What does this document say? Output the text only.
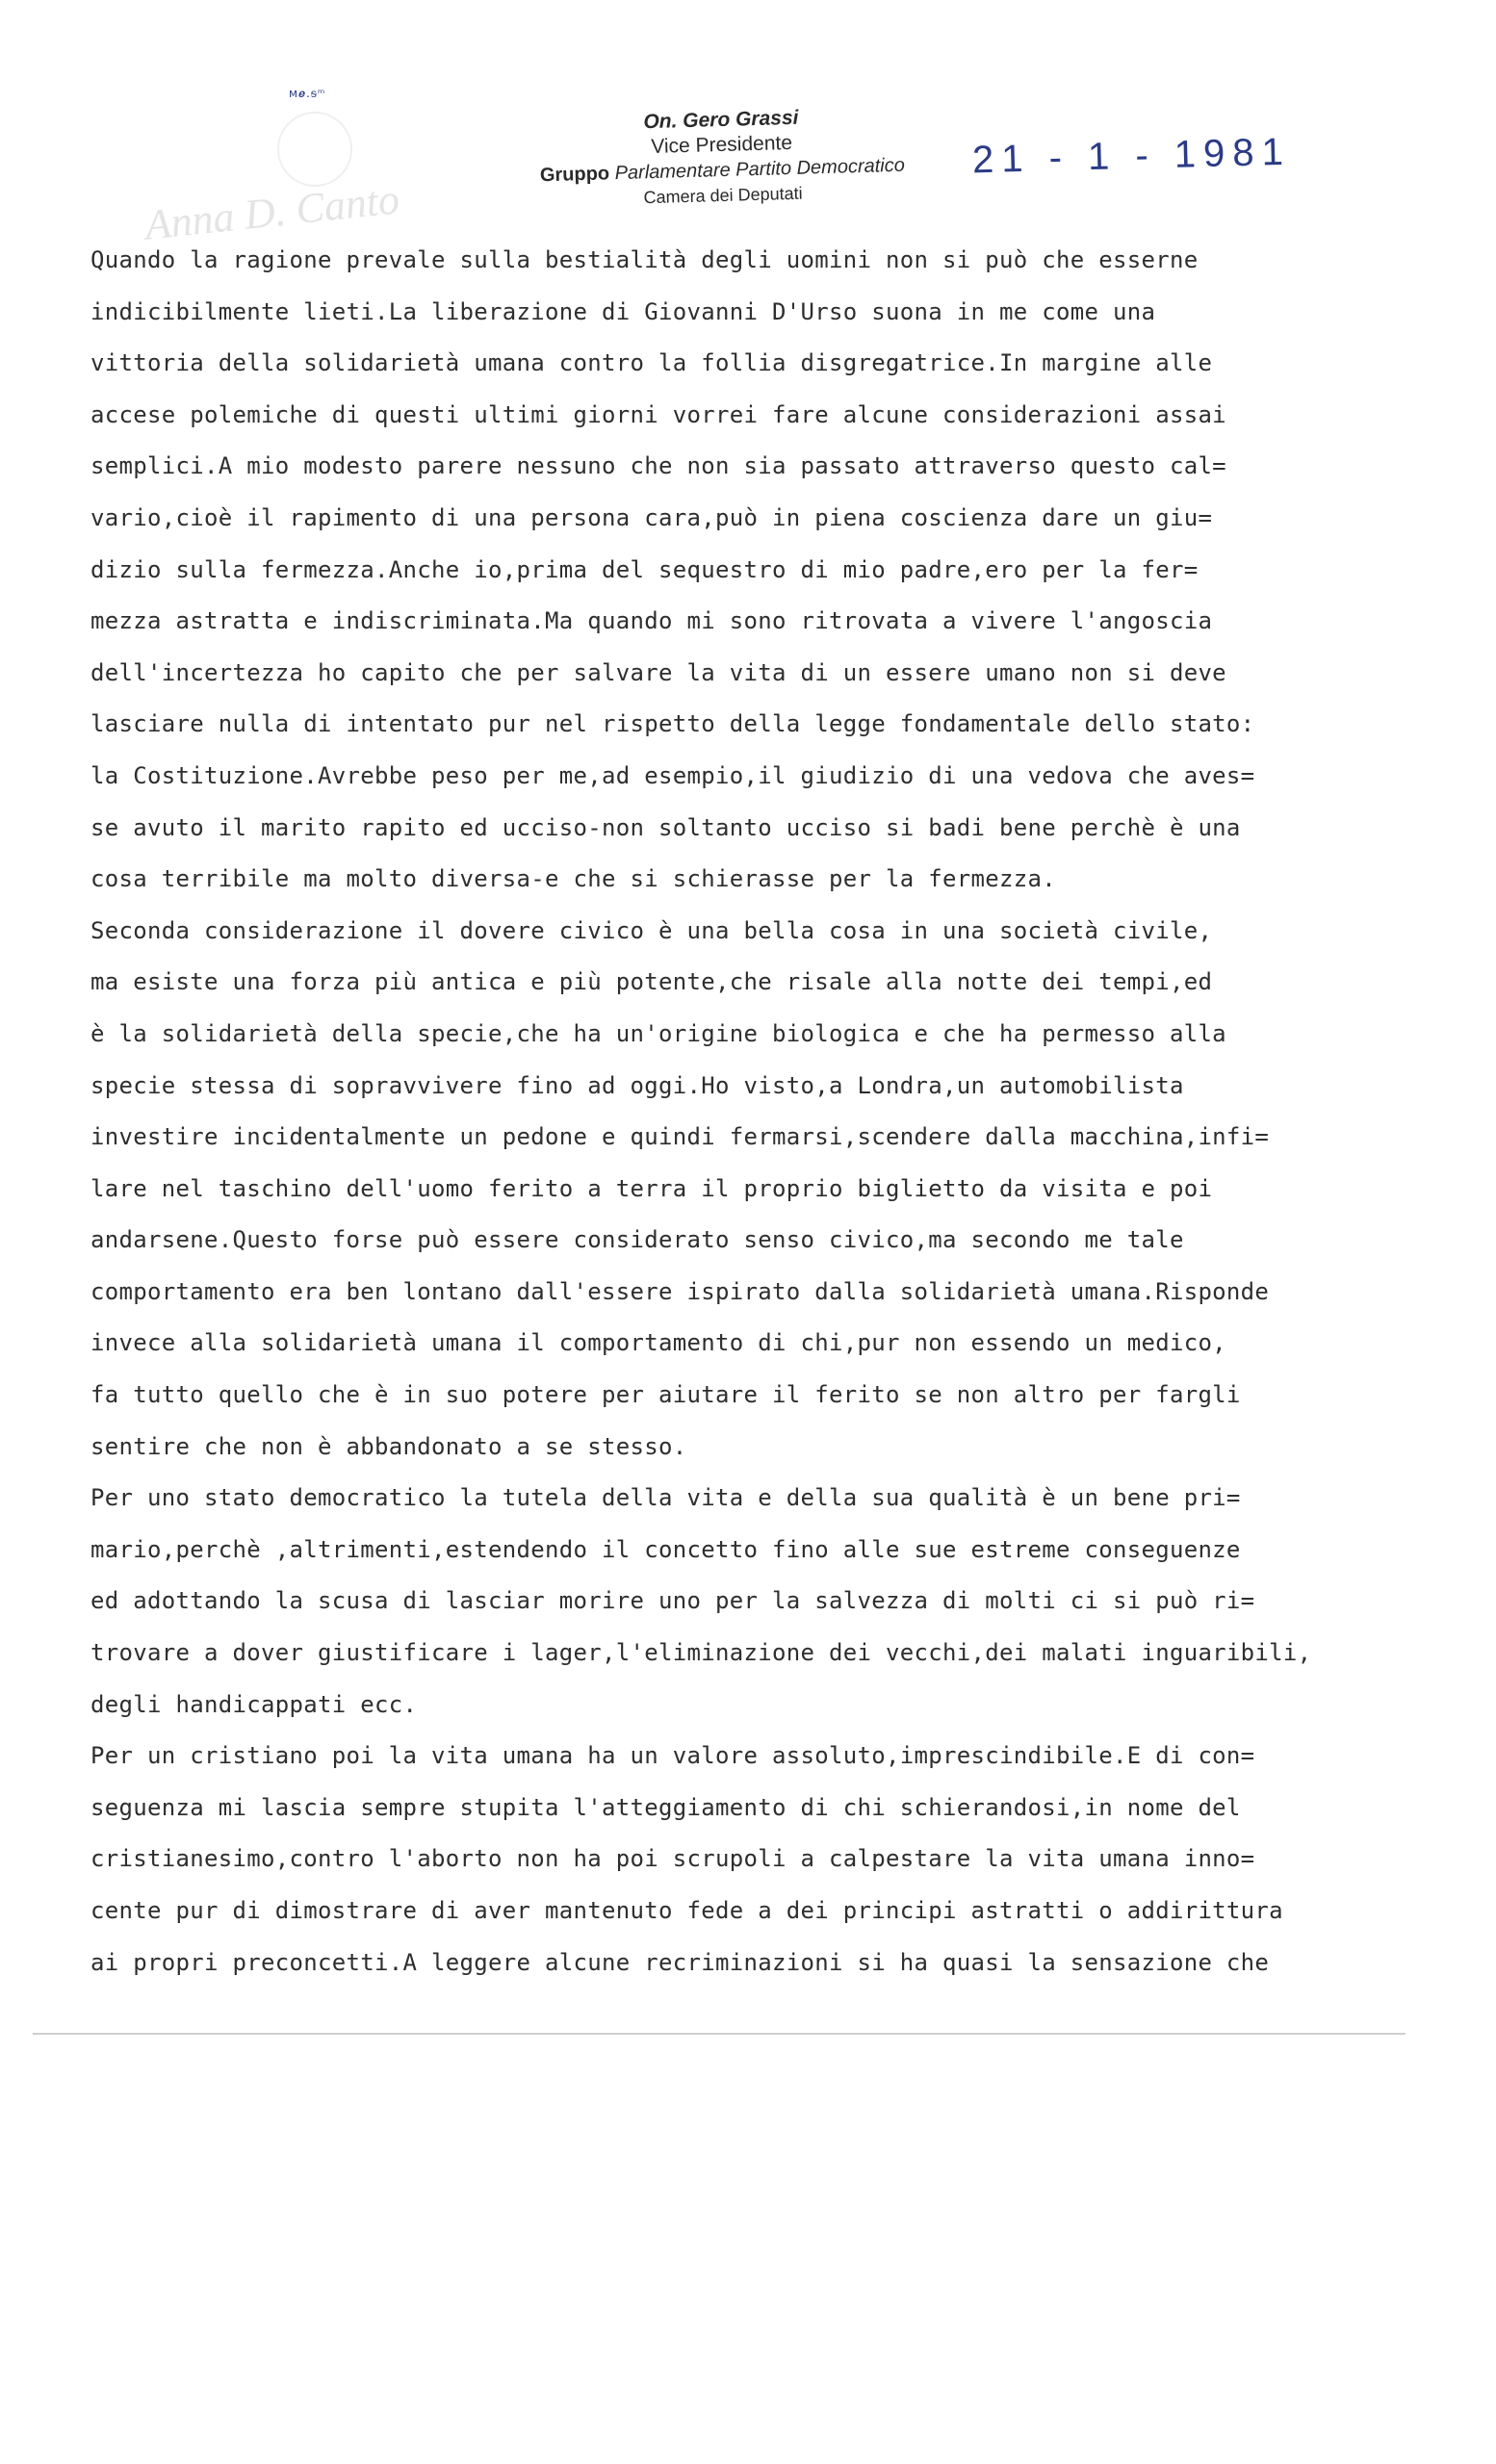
ᴍ𝒆.ᵴᵐ
Anna D. Canto
On. Gero Grassi
Vice Presidente
Gruppo Parlamentare Partito Democratico
Camera dei Deputati
21 - 1 - 1981
Quando la ragione prevale sulla bestialità degli uomini non si può che esserne
indicibilmente lieti.La liberazione di Giovanni D'Urso suona in me come una
vittoria della solidarietà umana contro la follia disgregatrice.In margine alle
accese polemiche di questi ultimi giorni vorrei fare alcune considerazioni assai
semplici.A mio modesto parere nessuno che non sia passato attraverso questo cal=
vario,cioè il rapimento di una persona cara,può in piena coscienza dare un giu=
dizio sulla fermezza.Anche io,prima del sequestro di mio padre,ero per la fer=
mezza astratta e indiscriminata.Ma quando mi sono ritrovata a vivere l'angoscia
dell'incertezza ho capito che per salvare la vita di un essere umano non si deve
lasciare nulla di intentato pur nel rispetto della legge fondamentale dello stato:
la Costituzione.Avrebbe peso per me,ad esempio,il giudizio di una vedova che aves=
se avuto il marito rapito ed ucciso-non soltanto ucciso si badi bene perchè è una
cosa terribile ma molto diversa-e che si schierasse per la fermezza.
Seconda considerazione il dovere civico è una bella cosa in una società civile,
ma esiste una forza più antica e più potente,che risale alla notte dei tempi,ed
è la solidarietà della specie,che ha un'origine biologica e che ha permesso alla
specie stessa di sopravvivere fino ad oggi.Ho visto,a Londra,un automobilista
investire incidentalmente un pedone e quindi fermarsi,scendere dalla macchina,infi=
lare nel taschino dell'uomo ferito a terra il proprio biglietto da visita e poi
andarsene.Questo forse può essere considerato senso civico,ma secondo me tale
comportamento era ben lontano dall'essere ispirato dalla solidarietà umana.Risponde
invece alla solidarietà umana il comportamento di chi,pur non essendo un medico,
fa tutto quello che è in suo potere per aiutare il ferito se non altro per fargli
sentire che non è abbandonato a se stesso.
Per uno stato democratico la tutela della vita e della sua qualità è un bene pri=
mario,perchè ,altrimenti,estendendo il concetto fino alle sue estreme conseguenze
ed adottando la scusa di lasciar morire uno per la salvezza di molti ci si può ri=
trovare a dover giustificare i lager,l'eliminazione dei vecchi,dei malati inguaribili,
degli handicappati ecc.
Per un cristiano poi la vita umana ha un valore assoluto,imprescindibile.E di con=
seguenza mi lascia sempre stupita l'atteggiamento di chi schierandosi,in nome del
cristianesimo,contro l'aborto non ha poi scrupoli a calpestare la vita umana inno=
cente pur di dimostrare di aver mantenuto fede a dei principi astratti o addirittura
ai propri preconcetti.A leggere alcune recriminazioni si ha quasi la sensazione che
